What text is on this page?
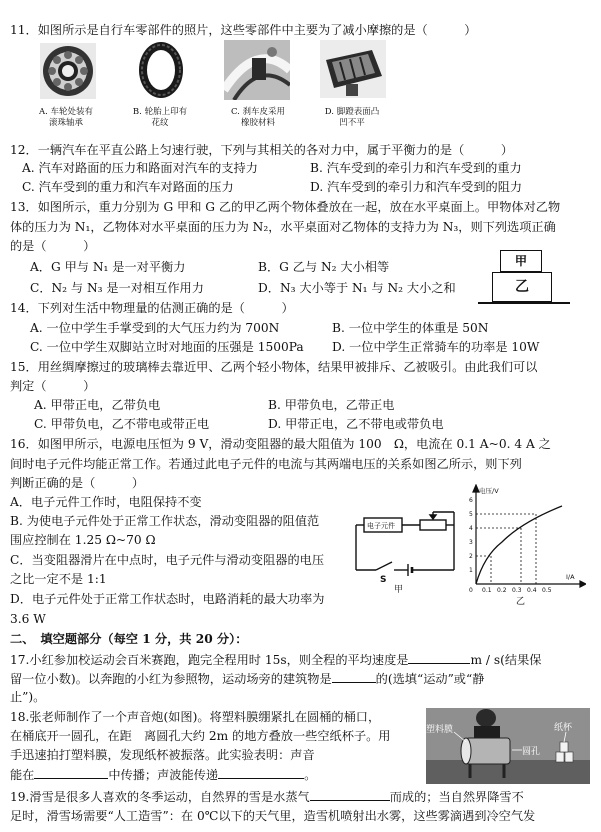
11．如图所示是自行车零部件的照片，这些零部件中主要为了减小摩擦的是（　　　）
A. 车轮处装有
滚珠轴承
B. 轮胎上印有
花纹
C. 刹车皮采用
橡胶材料
D. 脚蹬表面凸
凹不平
12．一辆汽车在平直公路上匀速行驶，下列与其相关的各对力中，属于平衡力的是（　　　）
A. 汽车对路面的压力和路面对汽车的支持力	B. 汽车受到的牵引力和汽车受到的重力
C. 汽车受到的重力和汽车对路面的压力	D. 汽车受到的牵引力和汽车受到的阻力
13．如图所示，重力分别为 G 甲和 G 乙的甲乙两个物体叠放在一起，放在水平桌面上。甲物体对乙物
体的压力为 N₁，乙物体对水平桌面的压力为 N₂，水平桌面对乙物体的支持力为 N₃，则下列选项正确
的是（　　　）
A．G 甲与 N₁ 是一对平衡力	B．G 乙与 N₂ 大小相等
C．N₂ 与 N₃ 是一对相互作用力	D．N₃ 大小等于 N₁ 与 N₂ 大小之和
甲
乙
14．下列对生活中物理量的估测正确的是（　　　）
A. 一位中学生手掌受到的大气压力约为 700N	B. 一位中学生的体重是 50N
C. 一位中学生双脚站立时对地面的压强是 1500Pa D. 一位中学生正常骑车的功率是 10W
15．用丝绸摩擦过的玻璃棒去靠近甲、乙两个轻小物体，结果甲被排斥、乙被吸引。由此我们可以
判定（　　　）
A. 甲带正电，乙带负电	B. 甲带负电，乙带正电
C. 甲带负电，乙不带电或带正电	D. 甲带正电，乙不带电或带负电
16．如图甲所示，电源电压恒为 9 V，滑动变阻器的最大阻值为 100　Ω，电流在 0.1 A~0. 4 A 之
间时电子元件均能正常工作。若通过此电子元件的电流与其两端电压的关系如图乙所示，则下列
判断正确的是（　　　）
A．电子元件工作时，电阻保持不变
B. 为使电子元件处于正常工作状态，滑动变阻器的阻值范
围应控制在 1.25 Ω~70 Ω
C．当变阻器滑片在中点时，电子元件与滑动变阻器的电压
之比一定不是 1:1
D．电子元件处于正常工作状态时，电路消耗的最大功率为
3.6 W
电子元件
S
甲
电压/V
I/A
0
1
2
3
4
5
6
0.1 0.2 0.3 0.4 0.5
乙
二、　填空题部分（每空 1 分，共 20 分）：
17.小红参加校运动会百米赛跑，跑完全程用时 15s，则全程的平均速度是	m / s(结果保
留一位小数)。以奔跑的小红为参照物，运动场旁的建筑物是	的(选填“运动”或“静
止”)。
18.张老师制作了一个声音炮(如图)。将塑料膜绷紧扎在圆桶的桶口，
在桶底开一圆孔，在距　离圆孔大约 2m 的地方叠放一些空纸杯子。用
手迅速拍打塑料膜，发现纸杯被振落。此实验表明：声音
能在	中传播；声波能传递	。
塑料膜
圆孔
纸杯
19.滑雪是很多人喜欢的冬季运动，自然界的雪是水蒸气	而成的；当自然界降雪不
足时，滑雪场需要“人工造雪”：在 0℃以下的天气里，造雪机喷射出水雾，这些雾滴遇到冷空气发
